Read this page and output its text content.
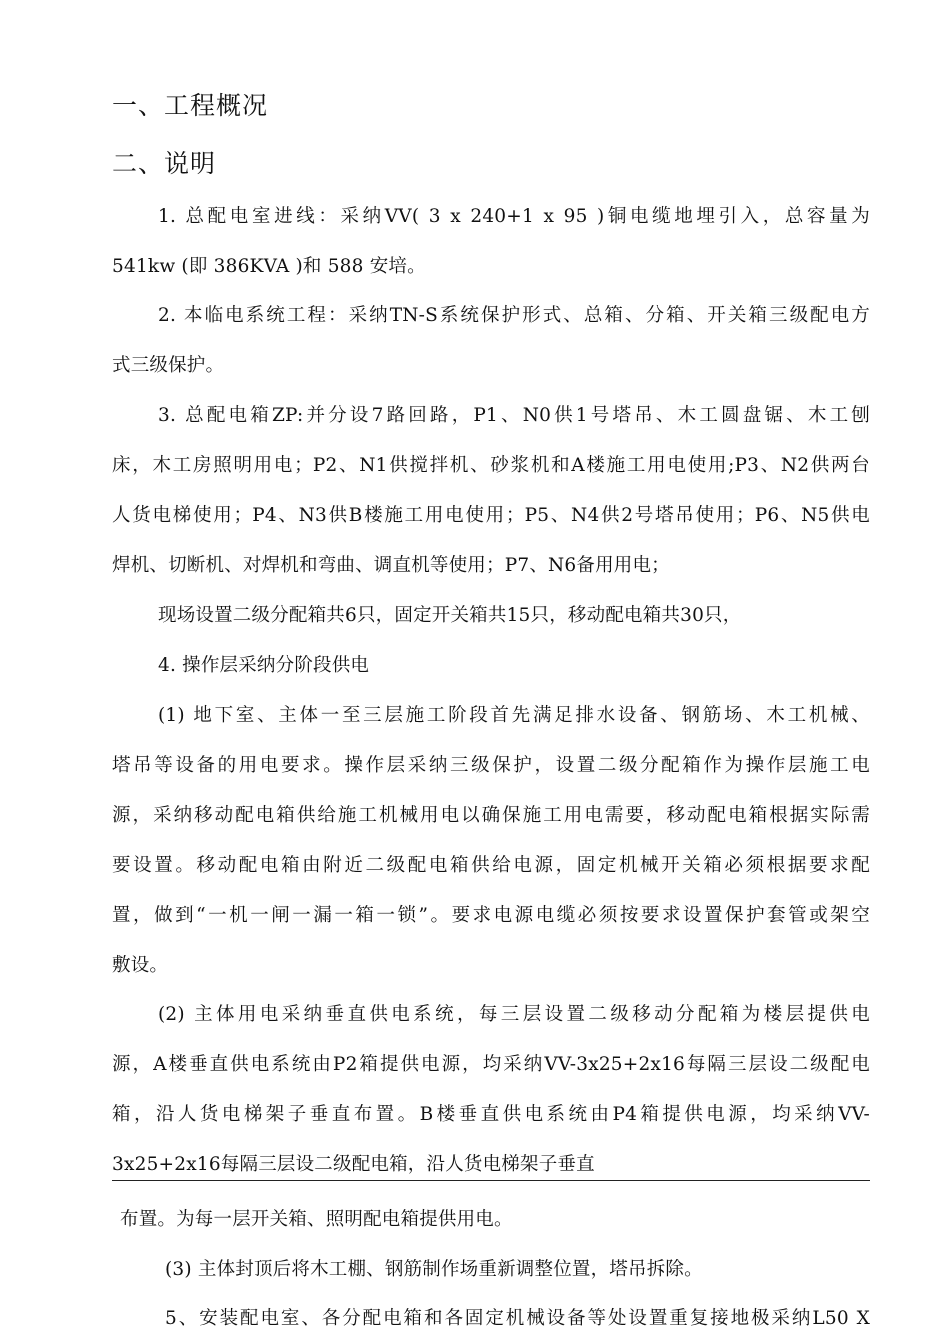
一、工程概况
二、说明
1. 总配电室进线：采纳VV( 3 x 240+1 x 95 )铜电缆地埋引入，总容量为
541kw (即 386KVA )和 588 安培。
2. 本临电系统工程：采纳TN-S系统保护形式、总箱、分箱、开关箱三级配电方
式三级保护。
3. 总配电箱ZP:并分设7路回路，P1、N0供1号塔吊、木工圆盘锯、木工刨
床，木工房照明用电；P2、N1供搅拌机、砂浆机和A楼施工用电使用;P3、N2供两台
人货电梯使用；P4、N3供B楼施工用电使用；P5、N4供2号塔吊使用；P6、N5供电
焊机、切断机、对焊机和弯曲、调直机等使用；P7、N6备用用电；
现场设置二级分配箱共6只，固定开关箱共15只，移动配电箱共30只，
4. 操作层采纳分阶段供电
(1) 地下室、主体一至三层施工阶段首先满足排水设备、钢筋场、木工机械、
塔吊等设备的用电要求。操作层采纳三级保护，设置二级分配箱作为操作层施工电
源，采纳移动配电箱供给施工机械用电以确保施工用电需要，移动配电箱根据实际需
要设置。移动配电箱由附近二级配电箱供给电源，固定机械开关箱必须根据要求配
置，做到“一机一闸一漏一箱一锁”。要求电源电缆必须按要求设置保护套管或架空
敷设。
(2) 主体用电采纳垂直供电系统，每三层设置二级移动分配箱为楼层提供电
源，A楼垂直供电系统由P2箱提供电源，均采纳VV-3x25+2x16每隔三层设二级配电
箱，沿人货电梯架子垂直布置。B楼垂直供电系统由P4箱提供电源，均采纳VV-
3x25+2x16每隔三层设二级配电箱，沿人货电梯架子垂直
布置。为每一层开关箱、照明配电箱提供用电。
(3) 主体封顶后将木工棚、钢筋制作场重新调整位置，塔吊拆除。
5、安装配电室、各分配电箱和各固定机械设备等处设置重复接地极采纳L50 X
